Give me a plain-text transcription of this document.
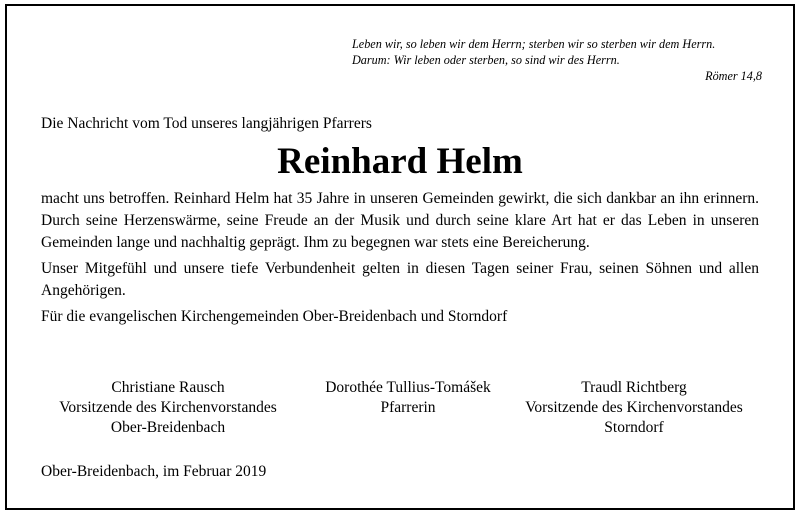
Leben wir, so leben wir dem Herrn; sterben wir so sterben wir dem Herrn.
Darum: Wir leben oder sterben, so sind wir des Herrn.
Römer 14,8
Die Nachricht vom Tod unseres langjährigen Pfarrers
Reinhard Helm

macht uns betroffen. Reinhard Helm hat 35 Jahre in unseren Gemeinden gewirkt, die sich dankbar an ihn erinnern. Durch seine Herzenswärme, seine Freude an der Musik und durch seine klare Art hat er das Leben in unseren Gemeinden lange und nachhaltig geprägt. Ihm zu begegnen war stets eine Bereicherung.

Unser Mitgefühl und unsere tiefe Verbundenheit gelten in diesen Tagen seiner Frau, seinen Söhnen und allen Angehörigen.

Für die evangelischen Kirchengemeinden Ober-Breidenbach und Storndorf

Christiane Rausch
Vorsitzende des Kirchenvorstandes
Ober-Breidenbach
Dorothée Tullius-Tomášek
Pfarrerin
Traudl Richtberg
Vorsitzende des Kirchenvorstandes
Storndorf
Ober-Breidenbach, im Februar 2019
